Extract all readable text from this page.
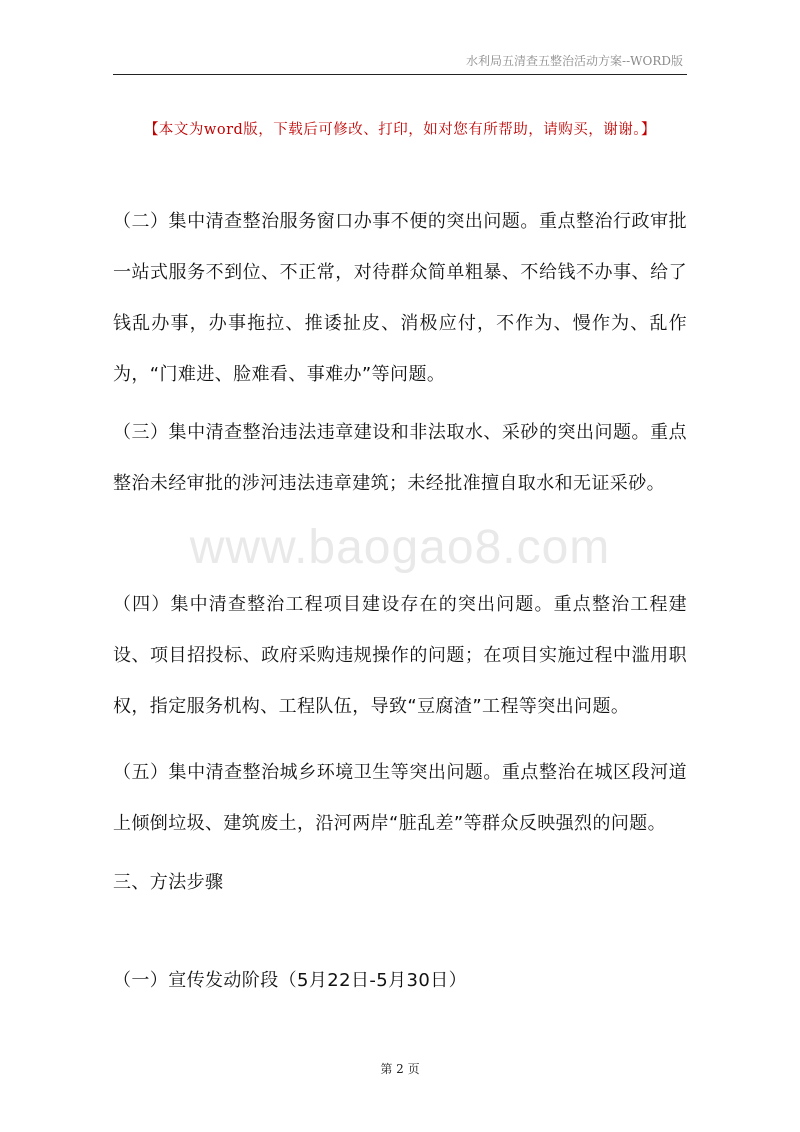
水利局五清查五整治活动方案--WORD版
【本文为word版，下载后可修改、打印，如对您有所帮助，请购买，谢谢。】
www.baogao8.com

（二）集中清查整治服务窗口办事不便的突出问题。重点整治行政审批一站式服务不到位、不正常，对待群众简单粗暴、不给钱不办事、给了钱乱办事，办事拖拉、推诿扯皮、消极应付，不作为、慢作为、乱作为，“门难进、脸难看、事难办”等问题。

（三）集中清查整治违法违章建设和非法取水、采砂的突出问题。重点整治未经审批的涉河违法违章建筑；未经批准擅自取水和无证采砂。

（四）集中清查整治工程项目建设存在的突出问题。重点整治工程建设、项目招投标、政府采购违规操作的问题；在项目实施过程中滥用职权，指定服务机构、工程队伍，导致“豆腐渣”工程等突出问题。

（五）集中清查整治城乡环境卫生等突出问题。重点整治在城区段河道上倾倒垃圾、建筑废土，沿河两岸“脏乱差”等群众反映强烈的问题。

三、方法步骤

（一）宣传发动阶段（5月22日-5月30日）

第 2 页
